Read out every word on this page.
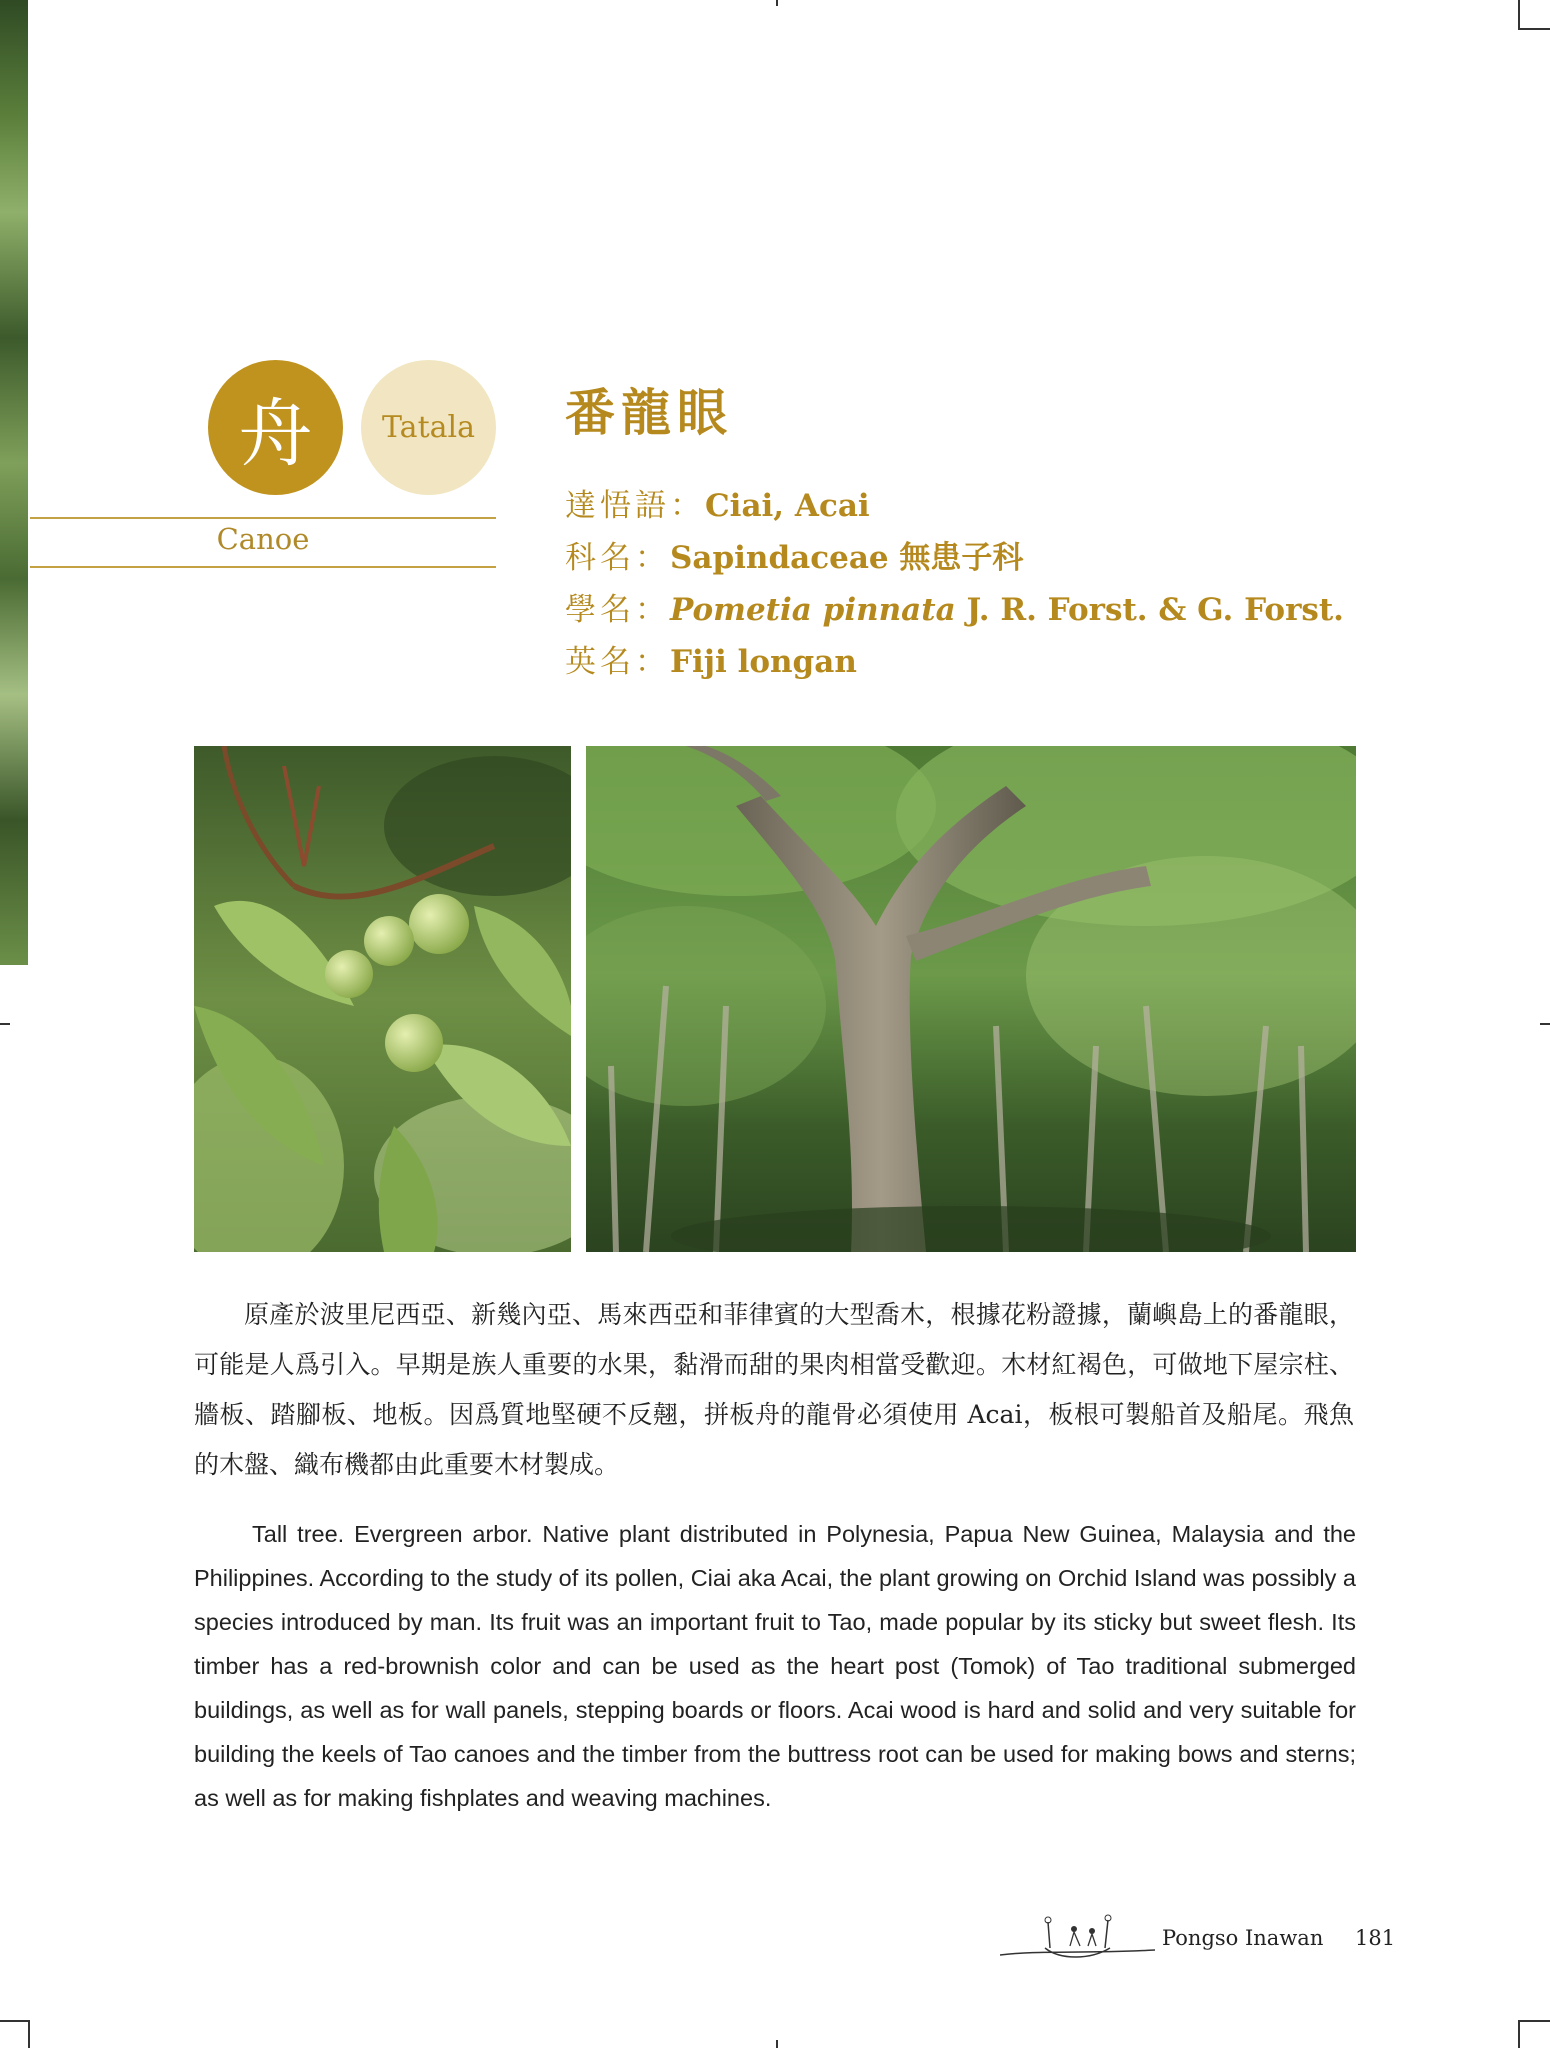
舟 Tatala
Canoe
番龍眼
達悟語：Ciai, Acai
科名：Sapindaceae 無患子科
學名：Pometia pinnata J. R. Forst. & G. Forst.
英名：Fiji longan

原產於波里尼西亞、新幾內亞、馬來西亞和菲律賓的大型喬木，根據花粉證據，蘭嶼島上的番龍眼，可能是人爲引入。早期是族人重要的水果，黏滑而甜的果肉相當受歡迎。木材紅褐色，可做地下屋宗柱、牆板、踏腳板、地板。因爲質地堅硬不反翹，拼板舟的龍骨必須使用 Acai，板根可製船首及船尾。飛魚的木盤、織布機都由此重要木材製成。

Tall tree. Evergreen arbor. Native plant distributed in Polynesia, Papua New Guinea, Malaysia and the Philippines. According to the study of its pollen, Ciai aka Acai, the plant growing on Orchid Island was possibly a species introduced by man. Its fruit was an important fruit to Tao, made popular by its sticky but sweet flesh. Its timber has a red-brownish color and can be used as the heart post (Tomok) of Tao traditional submerged buildings, as well as for wall panels, stepping boards or floors. Acai wood is hard and solid and very suitable for building the keels of Tao canoes and the timber from the buttress root can be used for making bows and sterns; as well as for making fishplates and weaving machines.

Pongso Inawan 181
